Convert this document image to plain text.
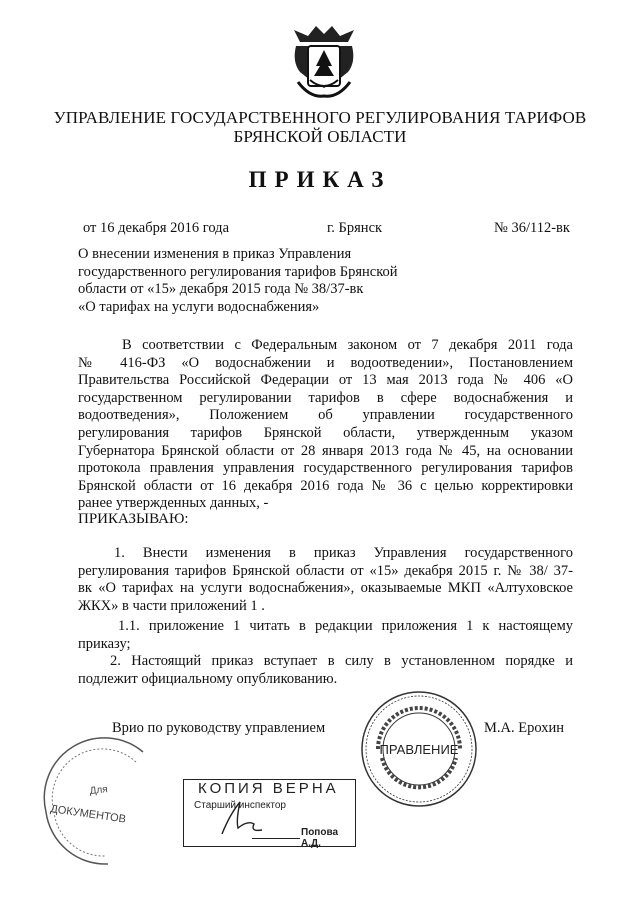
УПРАВЛЕНИЕ ГОСУДАРСТВЕННОГО РЕГУЛИРОВАНИЯ ТАРИФОВ
БРЯНСКОЙ ОБЛАСТИ
ПРИКАЗ
от 16 декабря 2016 года	г. Брянск	№ 36/112-вк
О внесении изменения в приказ Управления
государственного регулирования тарифов Брянской
области от «15» декабря 2015 года № 38/37-вк
«О тарифах на услуги водоснабжения»
В соответствии с Федеральным законом от 7 декабря 2011 года
№ 416-ФЗ «О водоснабжении и водоотведении», Постановлением
Правительства Российской Федерации от 13 мая 2013 года № 406 «О
государственном регулировании тарифов в сфере водоснабжения и
водоотведения», Положением об управлении государственного
регулирования тарифов Брянской области, утвержденным указом
Губернатора Брянской области от 28 января 2013 года № 45, на основании
протокола правления управления государственного регулирования тарифов
Брянской области от 16 декабря 2016 года № 36 с целью корректировки
ранее утвержденных данных, -
ПРИКАЗЫВАЮ:
1. Внести изменения в приказ Управления государственного
регулирования тарифов Брянской области от «15» декабря 2015 г. № 38/ 37-
вк «О тарифах на услуги водоснабжения», оказываемые МКП «Алтуховское
ЖКХ» в части приложений 1 .
1.1. приложение 1 читать в редакции приложения 1 к настоящему
приказу;
2. Настоящий приказ вступает в силу в установленном порядке и
подлежит официальному опубликованию.
Врио по руководству управлением	М.А. Ерохин
ПРАВЛЕНИЕ
Для
ДОКУМЕНТОВ
КОПИЯ ВЕРНА
Старший инспектор
Попова А.Д.
